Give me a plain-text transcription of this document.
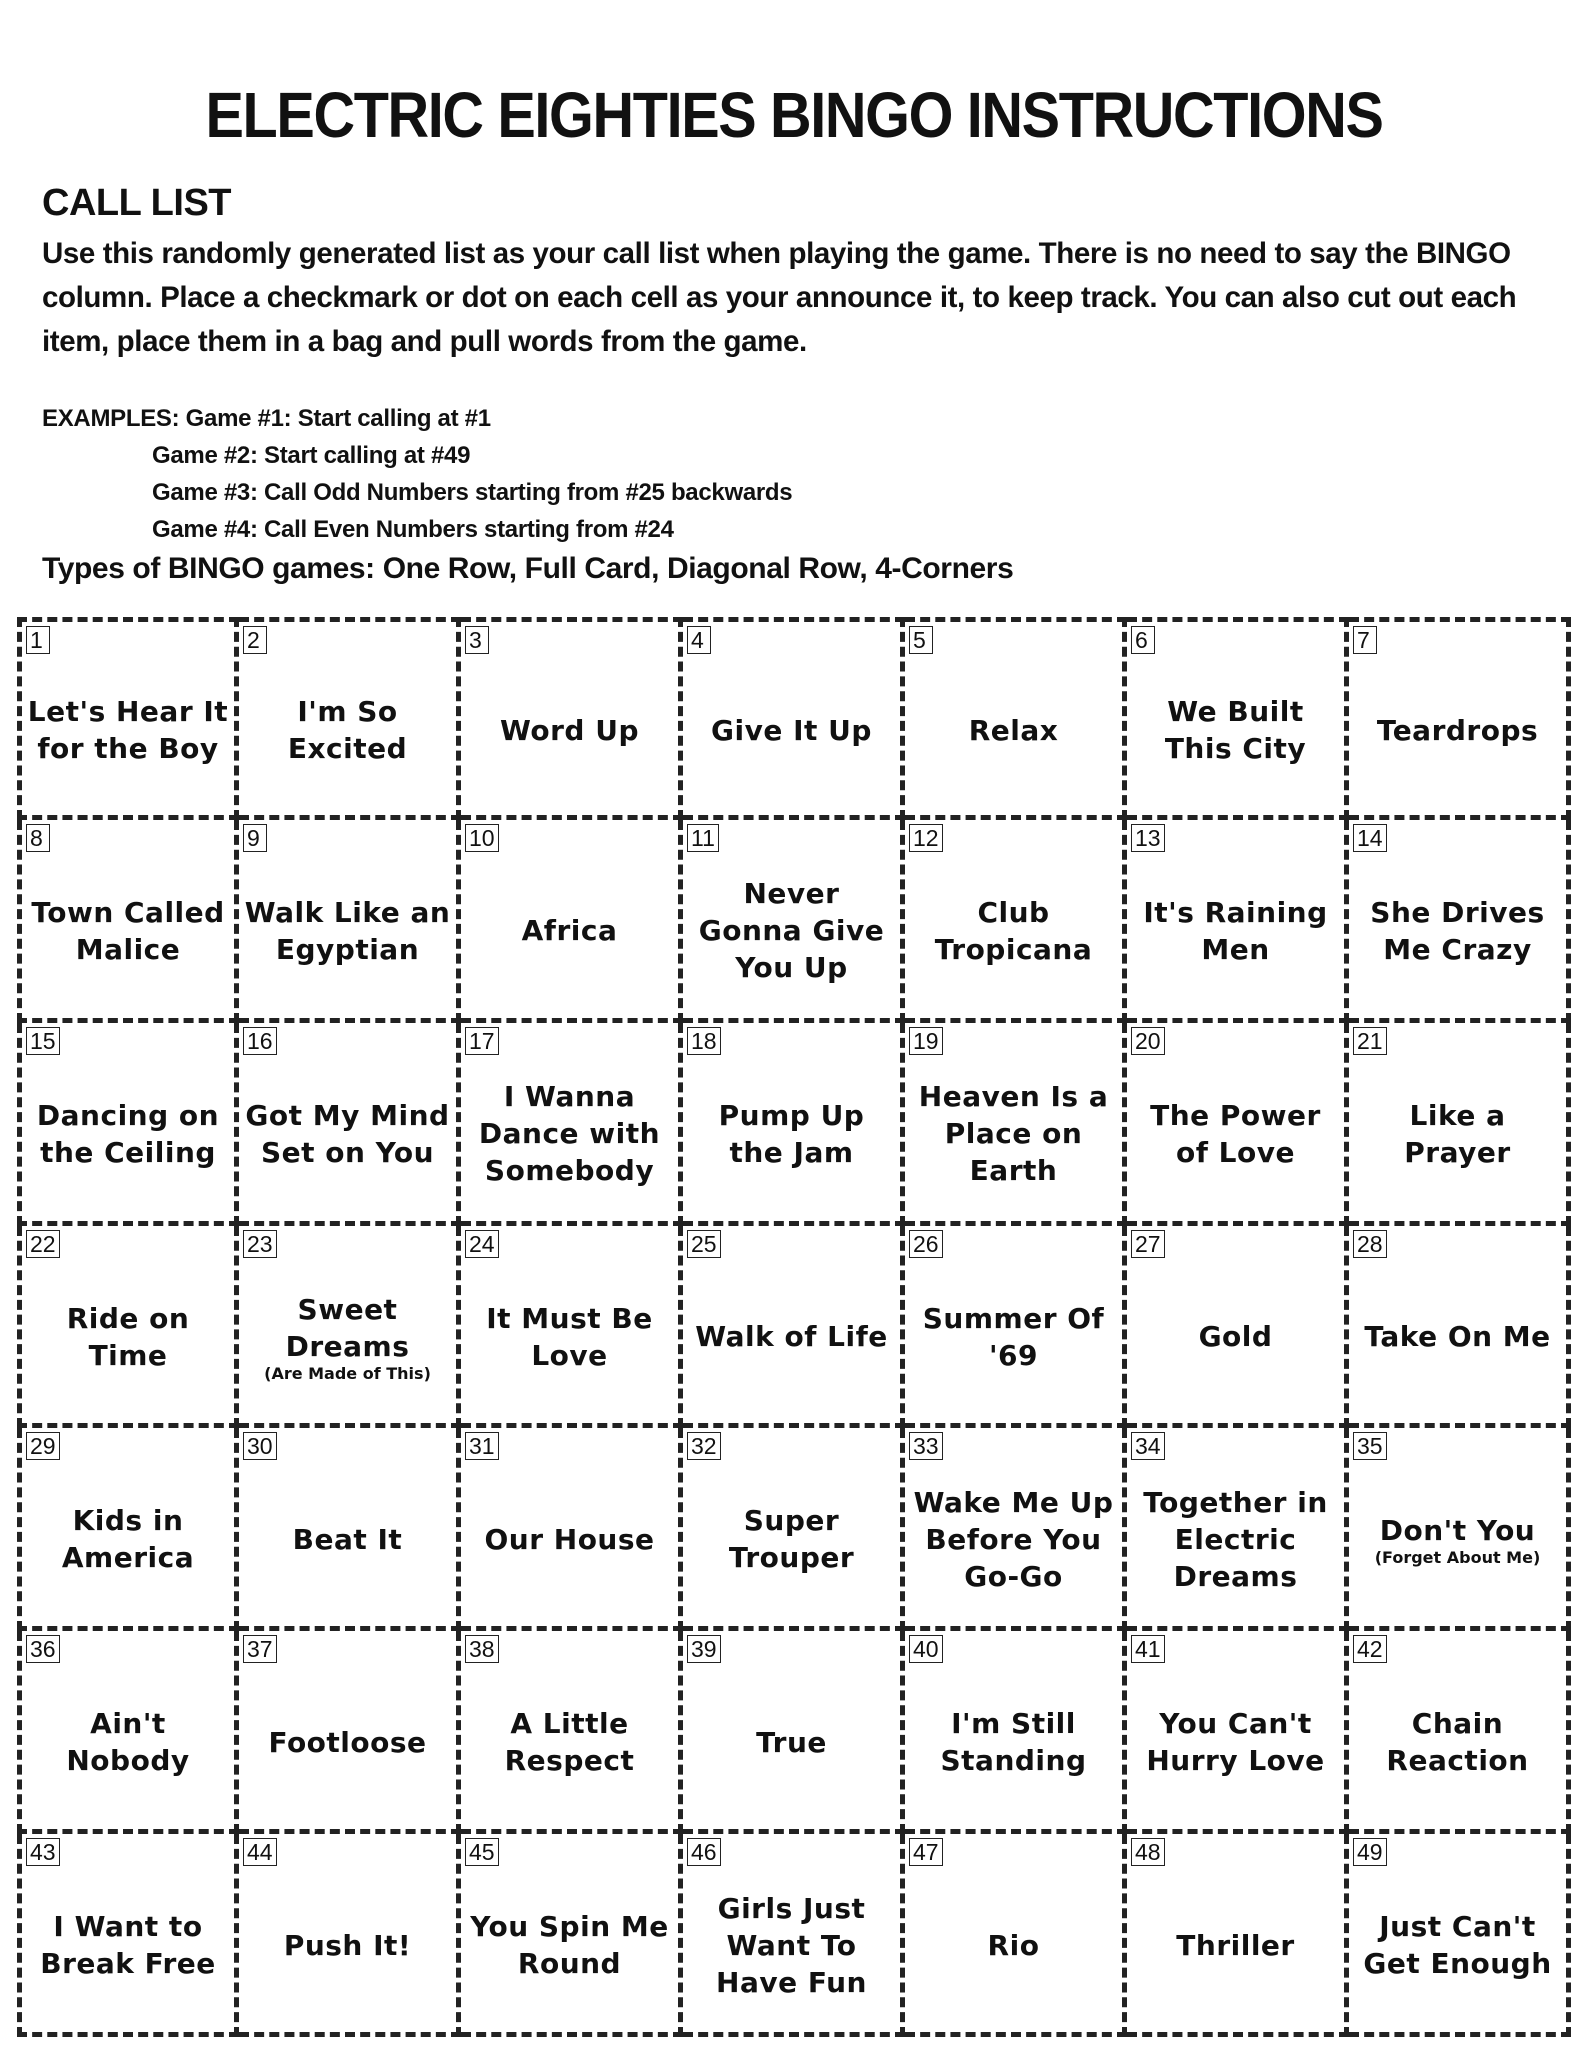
ELECTRIC EIGHTIES BINGO INSTRUCTIONS
CALL LIST
Use this randomly generated list as your call list when playing the game. There is no need to say the BINGO column. Place a checkmark or dot on each cell as your announce it, to keep track. You can also cut out each item, place them in a bag and pull words from the game.
EXAMPLES: Game #1: Start calling at #1
Game #2: Start calling at #49
Game #3: Call Odd Numbers starting from #25 backwards
Game #4: Call Even Numbers starting from #24
Types of BINGO games: One Row, Full Card, Diagonal Row, 4-Corners
1
Let's Hear It for the Boy
2
I'm So Excited
3
Word Up
4
Give It Up
5
Relax
6
We Built This City
7
Teardrops
8
Town Called Malice
9
Walk Like an Egyptian
10
Africa
11
Never Gonna Give You Up
12
Club Tropicana
13
It's Raining Men
14
She Drives Me Crazy
15
Dancing on the Ceiling
16
Got My Mind Set on You
17
I Wanna Dance with Somebody
18
Pump Up the Jam
19
Heaven Is a Place on Earth
20
The Power of Love
21
Like a Prayer
22
Ride on Time
23
Sweet Dreams
(Are Made of This)
24
It Must Be Love
25
Walk of Life
26
Summer Of '69
27
Gold
28
Take On Me
29
Kids in America
30
Beat It
31
Our House
32
Super Trouper
33
Wake Me Up Before You Go-Go
34
Together in Electric Dreams
35
Don't You
(Forget About Me)
36
Ain't Nobody
37
Footloose
38
A Little Respect
39
True
40
I'm Still Standing
41
You Can't Hurry Love
42
Chain Reaction
43
I Want to Break Free
44
Push It!
45
You Spin Me Round
46
Girls Just Want To Have Fun
47
Rio
48
Thriller
49
Just Can't Get Enough
